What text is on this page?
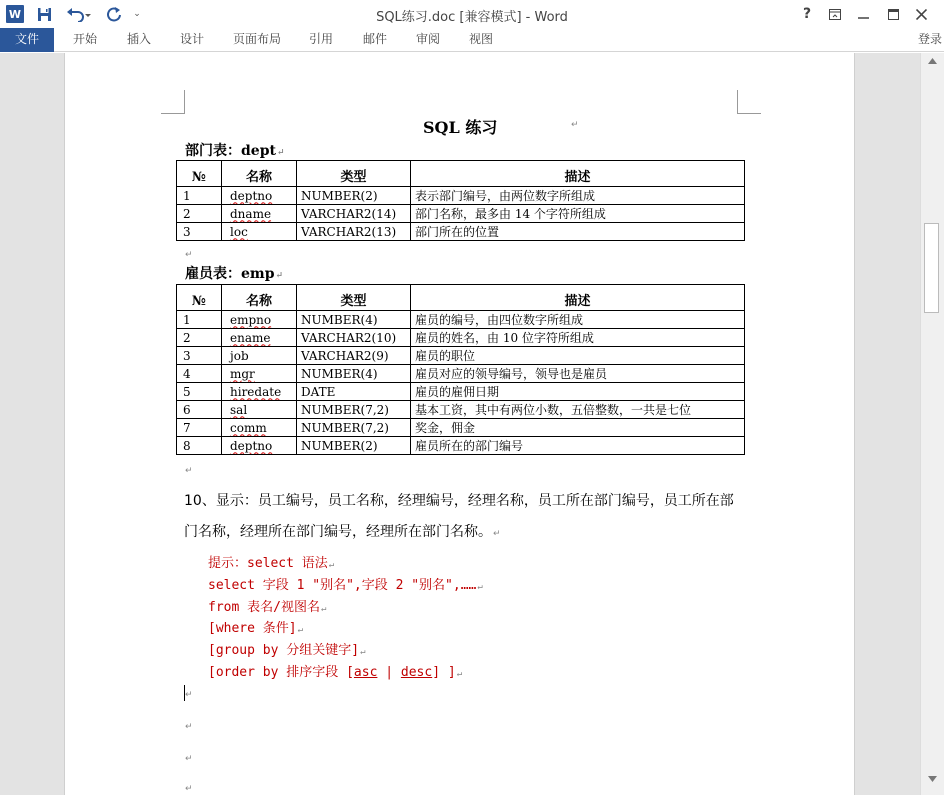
W	⌄	SQL练习.doc [兼容模式] - Word	?
文件	开始	插入	设计	页面布局	引用	邮件	审阅	视图	登录
SQL 练习	↵
部门表：dept↵
№	名称	类型	描述
1	deptno	NUMBER(2)	表示部门编号，由两位数字所组成
2	dname	VARCHAR2(14)	部门名称，最多由 14 个字符所组成
3	loc	VARCHAR2(13)	部门所在的位置
↵
雇员表：emp↵
№	名称	类型	描述
1	empno	NUMBER(4)	雇员的编号，由四位数字所组成
2	ename	VARCHAR2(10)	雇员的姓名，由 10 位字符所组成
3	job	VARCHAR2(9)	雇员的职位
4	mgr	NUMBER(4)	雇员对应的领导编号，领导也是雇员
5	hiredate	DATE	雇员的雇佣日期
6	sal	NUMBER(7,2)	基本工资，其中有两位小数，五倍整数，一共是七位
7	comm	NUMBER(7,2)	奖金，佣金
8	deptno	NUMBER(2)	雇员所在的部门编号
↵
10、显示：员工编号，员工名称，经理编号，经理名称，员工所在部门编号，员工所在部门名称，经理所在部门编号，经理所在部门名称。↵
提示：select 语法↵
select 字段 1 "别名",字段 2 "别名",……↵
from 表名/视图名↵
[where 条件]↵
[group by 分组关键字]↵
[order by 排序字段 [asc | desc] ]↵
↵
↵
↵
↵
